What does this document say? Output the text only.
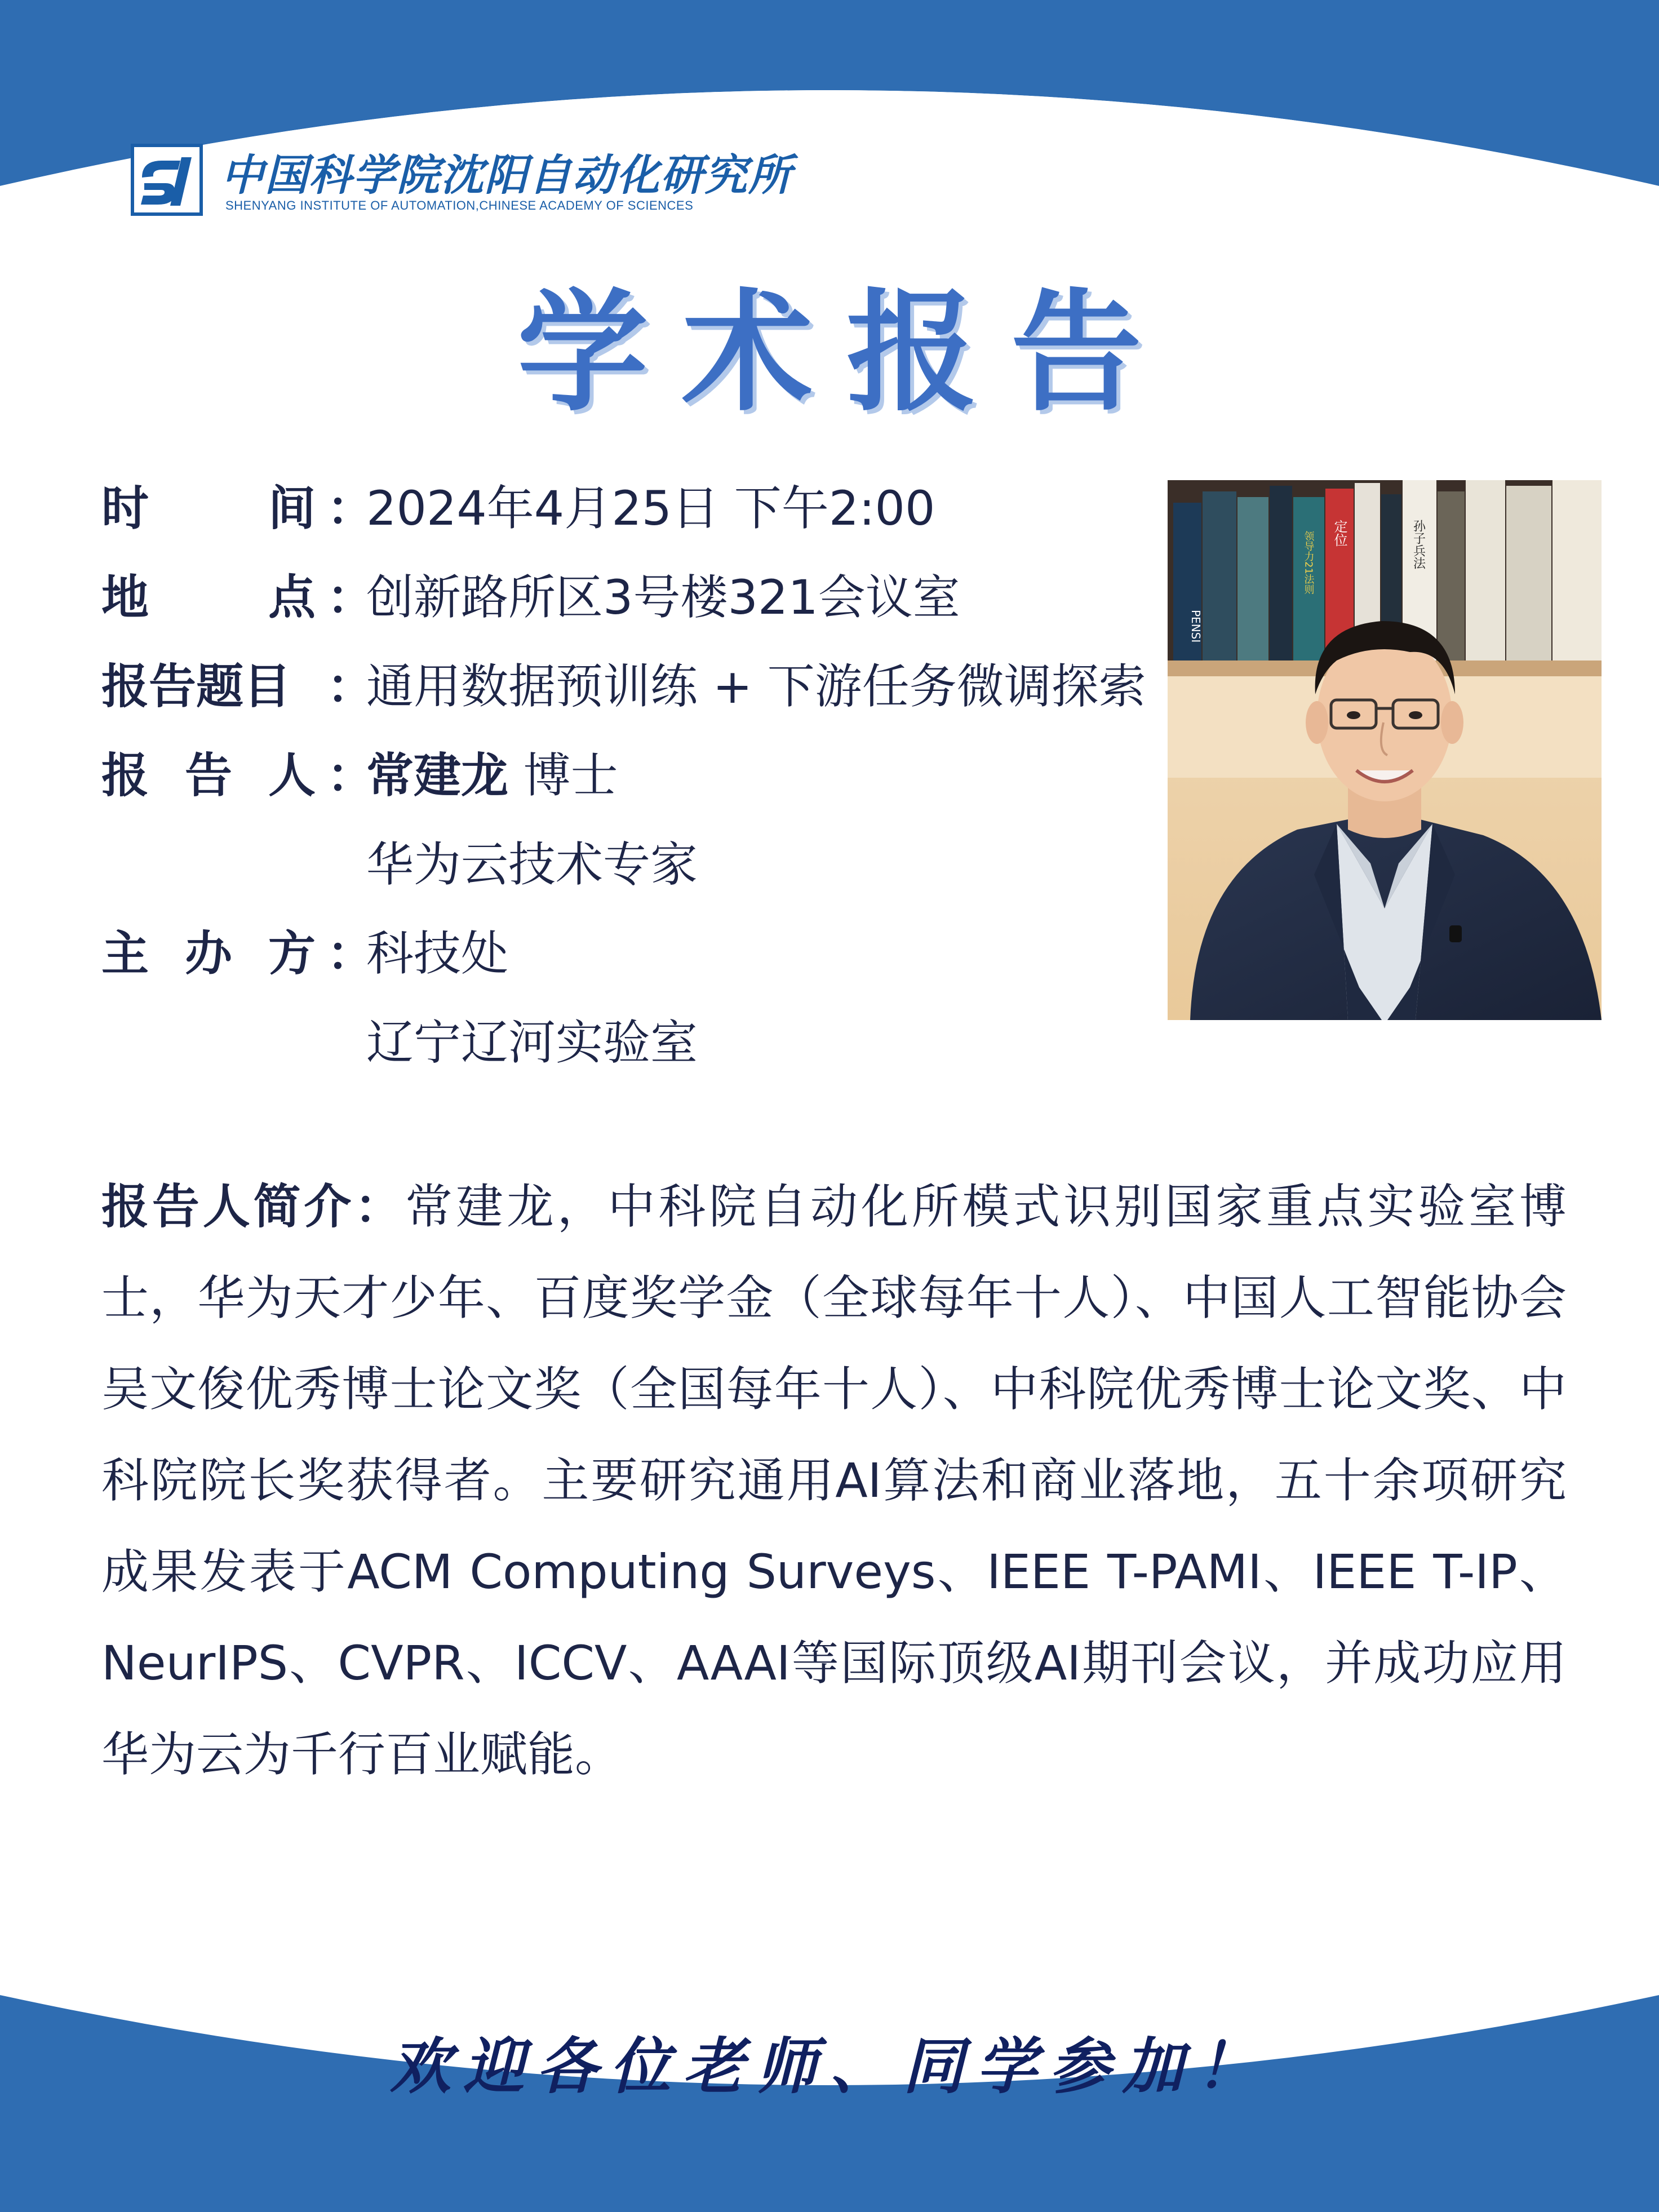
中国科学院沈阳自动化研究所
SHENYANG INSTITUTE OF AUTOMATION,CHINESE ACADEMY OF SCIENCES
学术报告
时	间 ：
2024年4月25日 下午2:00
地	点 ：
创新路所区3号楼321会议室
报告题目 ：
通用数据预训练 + 下游任务微调探索
报 告 人 ：
常建龙 博士
华为云技术专家
主 办 方 ：
科技处
辽宁辽河实验室
定位	孙子兵法
领导力21法则
PENSI
报告人简介：常建龙，中科院自动化所模式识别国家重点实验室博士，华为天才少年、百度奖学金（全球每年十人）、中国人工智能协会吴文俊优秀博士论文奖（全国每年十人）、中科院优秀博士论文奖、中科院院长奖获得者。主要研究通用AI算法和商业落地，五十余项研究成果发表于ACM Computing Surveys、IEEE T-PAMI、IEEE T-IP、NeurIPS、CVPR、ICCV、AAAI等国际顶级AI期刊会议，并成功应用华为云为千行百业赋能。
欢迎各位老师、同学参加！
